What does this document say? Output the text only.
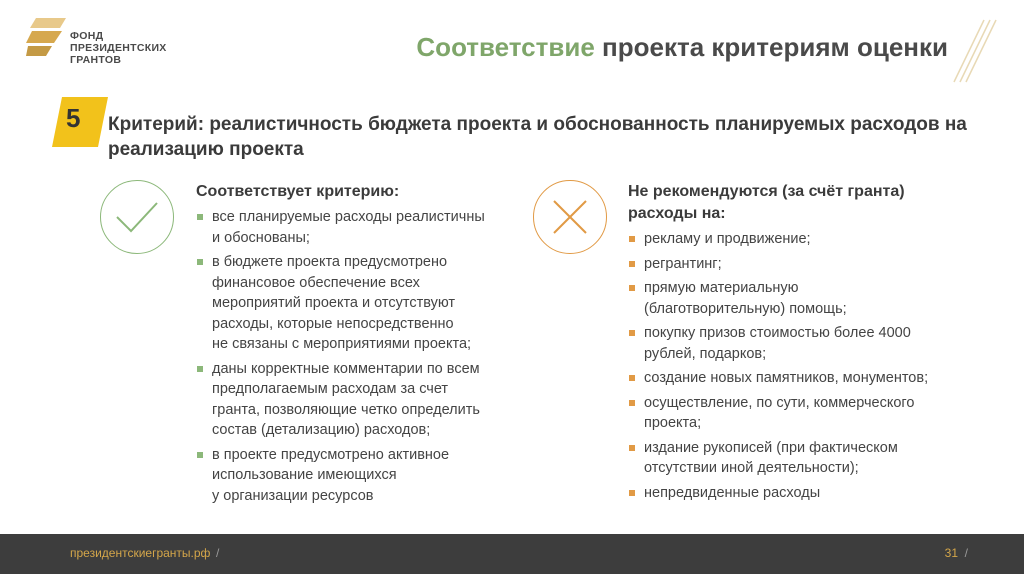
ФОНД
ПРЕЗИДЕНТСКИХ
ГРАНТОВ	Соответствие проекта критериям оценки
5 Критерий: реалистичность бюджета проекта и обоснованность планируемых расходов на реализацию проекта
Соответствует критерию:
все планируемые расходы реалистичны
и обоснованы;
в бюджете проекта предусмотрено
финансовое обеспечение всех
мероприятий проекта и отсутствуют
расходы, которые непосредственно
не связаны с мероприятиями проекта;
даны корректные комментарии по всем
предполагаемым расходам за счет
гранта, позволяющие четко определить
состав (детализацию) расходов;
в проекте предусмотрено активное
использование имеющихся
у организации ресурсов
Не рекомендуются (за счёт гранта) расходы на:
рекламу и продвижение;
регрантинг;
прямую материальную
(благотворительную) помощь;
покупку призов стоимостью более 4000
рублей, подарков;
создание новых памятников, монументов;
осуществление, по сути, коммерческого
проекта;
издание рукописей (при фактическом
отсутствии иной деятельности);
непредвиденные расходы
президентскиегранты.рф /	31 /
